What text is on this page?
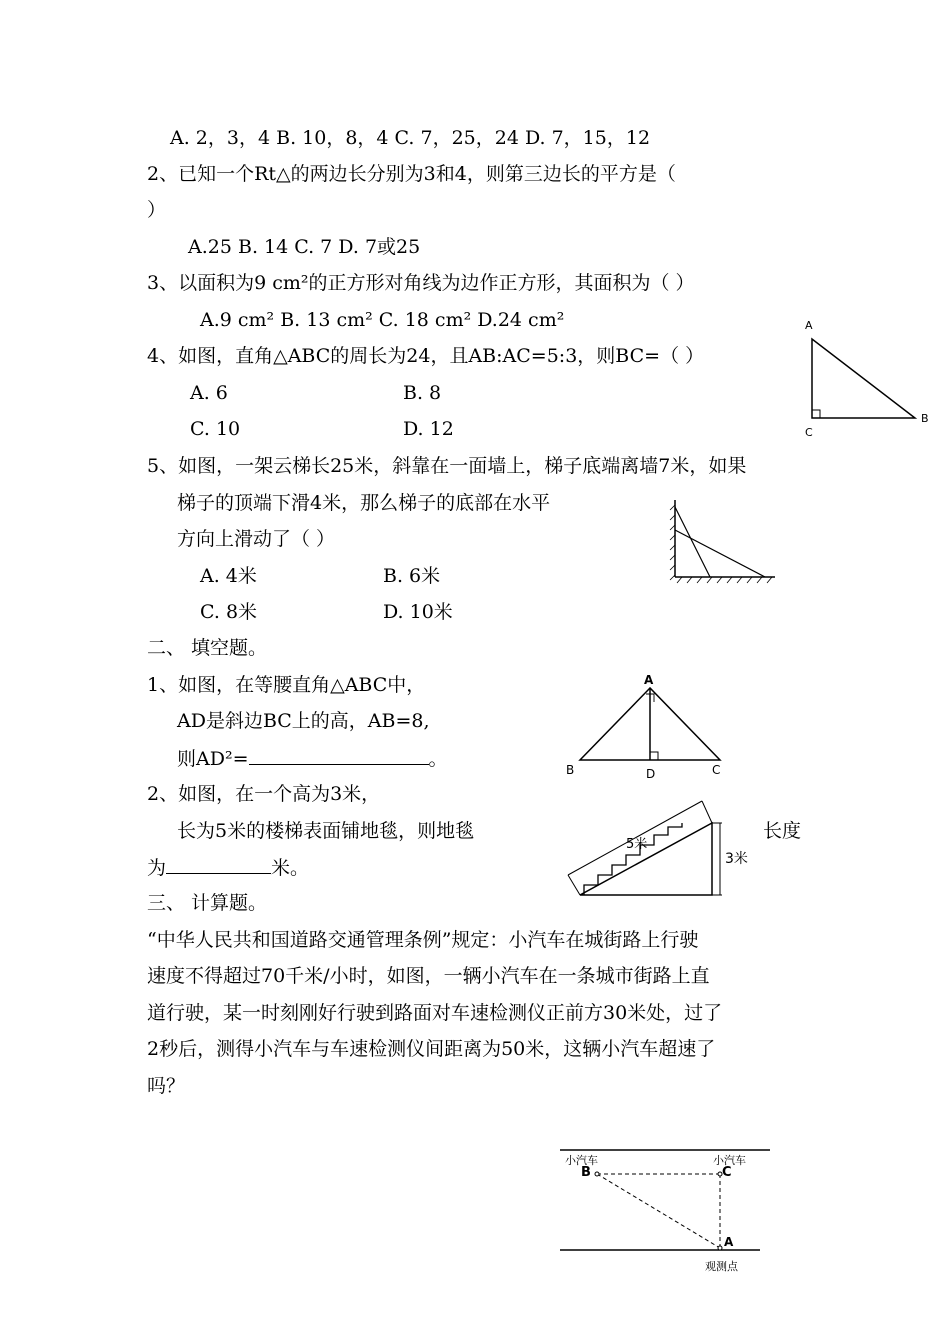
A. 2，3，4 B. 10，8，4 C. 7，25，24 D. 7，15，12
2、已知一个Rt△的两边长分别为3和4，则第三边长的平方是（
）
A.25 B. 14 C. 7 D. 7或25
3、以面积为9 cm²的正方形对角线为边作正方形，其面积为（ ）
A.9 cm² B. 13 cm² C. 18 cm² D.24 cm²
4、如图，直角△ABC的周长为24，且AB:AC=5:3，则BC=（ ）
A. 6	B. 8
C. 10	D. 12
A
B
C
5、如图，一架云梯长25米，斜靠在一面墙上，梯子底端离墙7米，如果
梯子的顶端下滑4米，那么梯子的底部在水平
方向上滑动了（ ）
A. 4米	B. 6米
C. 8米	D. 10米
二、 填空题。
1、如图，在等腰直角△ABC中，
AD是斜边BC上的高，AB=8,
则AD²=	。
A
B	D	C
2、如图，在一个高为3米，
长为5米的楼梯表面铺地毯，则地毯	长度
为	米。
5米
3米
三、 计算题。
“中华人民共和国道路交通管理条例”规定：小汽车在城街路上行驶
速度不得超过70千米/小时，如图，一辆小汽车在一条城市街路上直
道行驶，某一时刻刚好行驶到路面对车速检测仪正前方30米处，过了
2秒后，测得小汽车与车速检测仪间距离为50米，这辆小汽车超速了
吗？
小汽车	小汽车
B	C
A
观测点
